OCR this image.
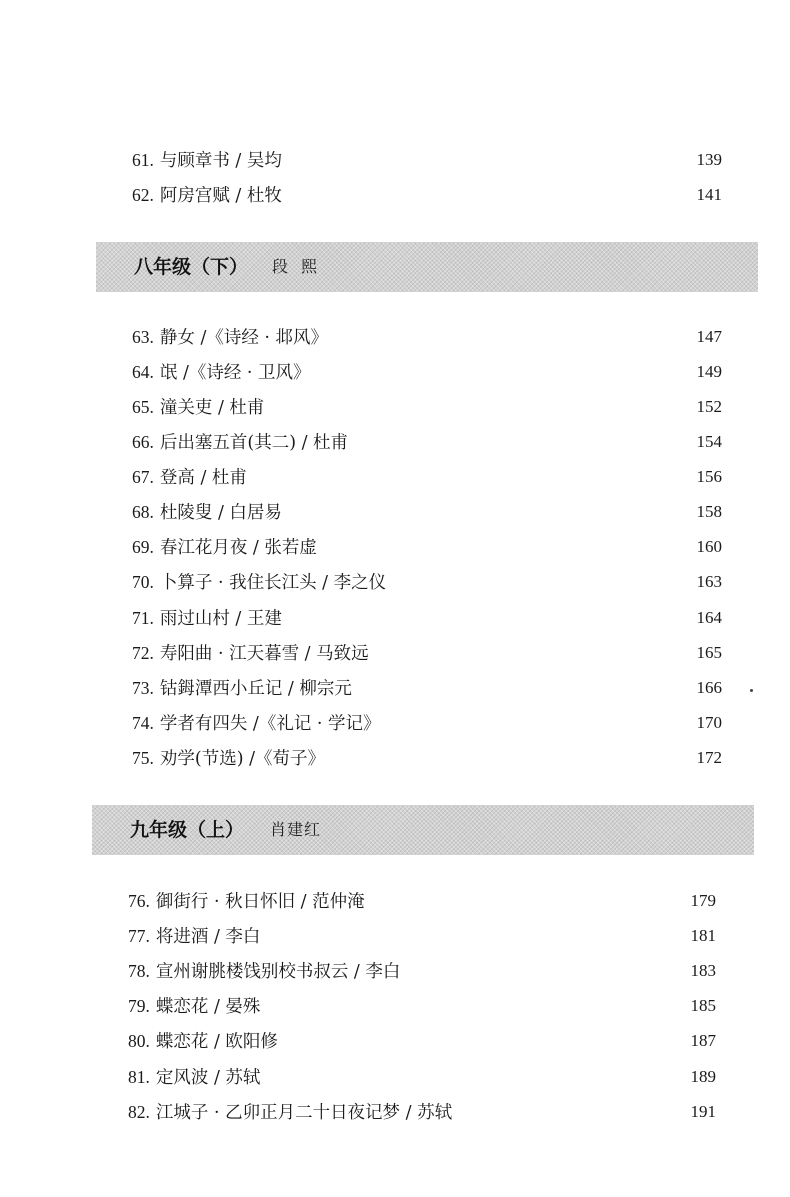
61. 与顾章书 / 吴均	139
62. 阿房宫赋 / 杜牧	141
八年级（下） 段 熙
63. 静女 /《诗经 · 邶风》	147
64. 氓 /《诗经 · 卫风》	149
65. 潼关吏 / 杜甫	152
66. 后出塞五首(其二) / 杜甫	154
67. 登高 / 杜甫	156
68. 杜陵叟 / 白居易	158
69. 春江花月夜 / 张若虚	160
70. 卜算子 · 我住长江头 / 李之仪	163
71. 雨过山村 / 王建	164
72. 寿阳曲 · 江天暮雪 / 马致远	165
73. 钴鉧潭西小丘记 / 柳宗元	166
74. 学者有四失 /《礼记 · 学记》	170
75. 劝学(节选) /《荀子》	172
九年级（上） 肖建红
76. 御街行 · 秋日怀旧 / 范仲淹	179
77. 将进酒 / 李白	181
78. 宣州谢朓楼饯别校书叔云 / 李白	183
79. 蝶恋花 / 晏殊	185
80. 蝶恋花 / 欧阳修	187
81. 定风波 / 苏轼	189
82. 江城子 · 乙卯正月二十日夜记梦 / 苏轼	191
